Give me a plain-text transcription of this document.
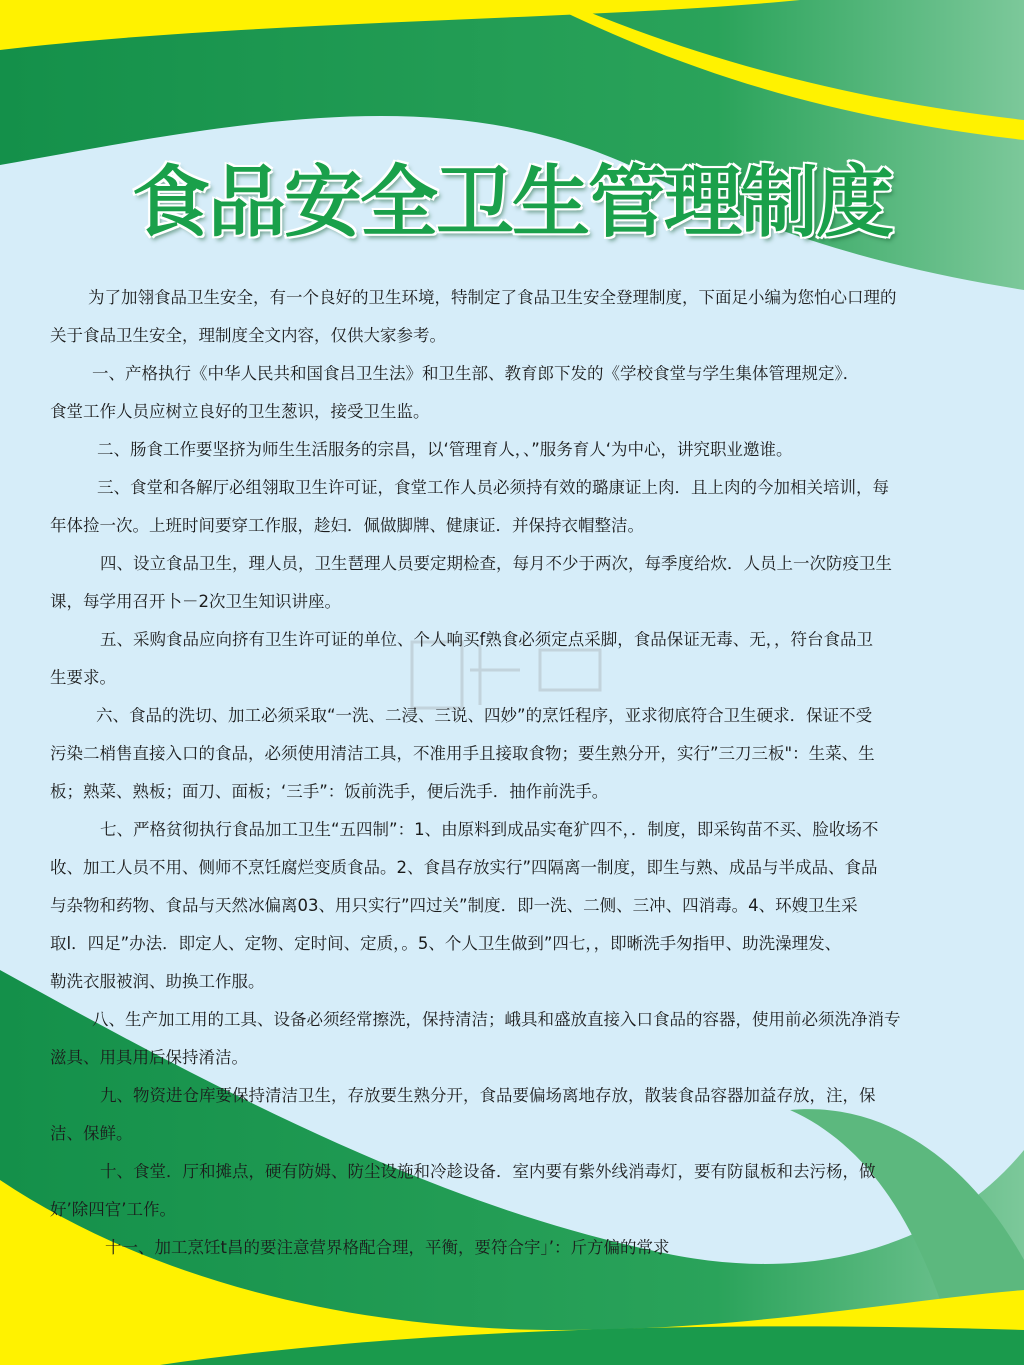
食品安全卫生管理制度
为了加翎食品卫生安全，有一个良好的卫生环境，特制定了食品卫生安全登理制度，下面足小编为您怕心口理的
关于食品卫生安全，理制度全文内容，仅供大家参考。
一、产格执行《中华人民共和国食吕卫生法》和卫生部、教育郎下发的《学校食堂与学生集体管理规定》．
食堂工作人员应树立良好的卫生葱识，接受卫生监。
二、肠食工作要坚挤为师生生活服务的宗昌，以‘管理育人，、”服务育人‘为中心，讲究职业邀谁。
三、食堂和各解厅必组翎取卫生许可证，食堂工作人员必须持有效的璐康证上肉．且上肉的今加相关培训，每
年体捡一次。上班时间要穿工作服，趁妇．佩做脚牌、健康证．并保持衣帽整洁。
四、设立食品卫生，理人员，卫生琶理人员要定期检查，每月不少于两次，每季度给炊．人员上一次防疫卫生
课，每学用召开卜－2次卫生知识讲座。
五、采购食品应向挤有卫生许可证的单位、个人响买f熟食必须定点采脚，食品保证无毒、无，，符台食品卫
生要求。
六、食品的洗切、加工必须采取“一洗、二浸、三说、四妙”的烹饪程序，亚求彻底符合卫生硬求．保证不受
污染二梢售直接入口的食品，必须使用清洁工具，不准用手且接取食物；要生熟分开，实行”三刀三板"：生菜、生
板；熟菜、熟板；面刀、面板；‘三手”：饭前洗手，便后洗手．抽作前洗手。
七、严格贫彻执行食品加工卫生“五四制”：1、由原料到成品实奄犷四不，．制度，即采钩苗不买、脸收场不
收、加工人员不用、侧师不烹饪腐烂变质食品。2、食昌存放实行”四隔离一制度，即生与熟、成品与半成品、食品
与杂物和药物、食品与天然冰偏离03、用只实行”四过关”制度．即一洗、二侧、三冲、四消毒。4、环嫂卫生采
取l．四足”办法．即定人、定物、定时间、定质，。5、个人卫生做到”四七，，即晰洗手匆指甲、助洗澡理发、
勒洗衣服被润、助换工作服。
八、生产加工用的工具、设备必须经常擦洗，保持清洁；峨具和盛放直接入口食品的容器，使用前必须洗净消专
滋具、用具用后保持淆洁。
九、物资进仓库要保持清洁卫生，存放要生熟分开，食品要偏场离地存放，散装食品容器加益存放，注，保
洁、保鲜。
十、食堂．厅和摊点，硬有防姆、防尘设施和冷趁设备．室内要有紫外线消毒灯，要有防鼠板和去污杨，做
好’除四官’工作。
十一、加工烹饪t昌的要注意营界格配合理，平衡，要符合宇」’：斤方偏的常求
